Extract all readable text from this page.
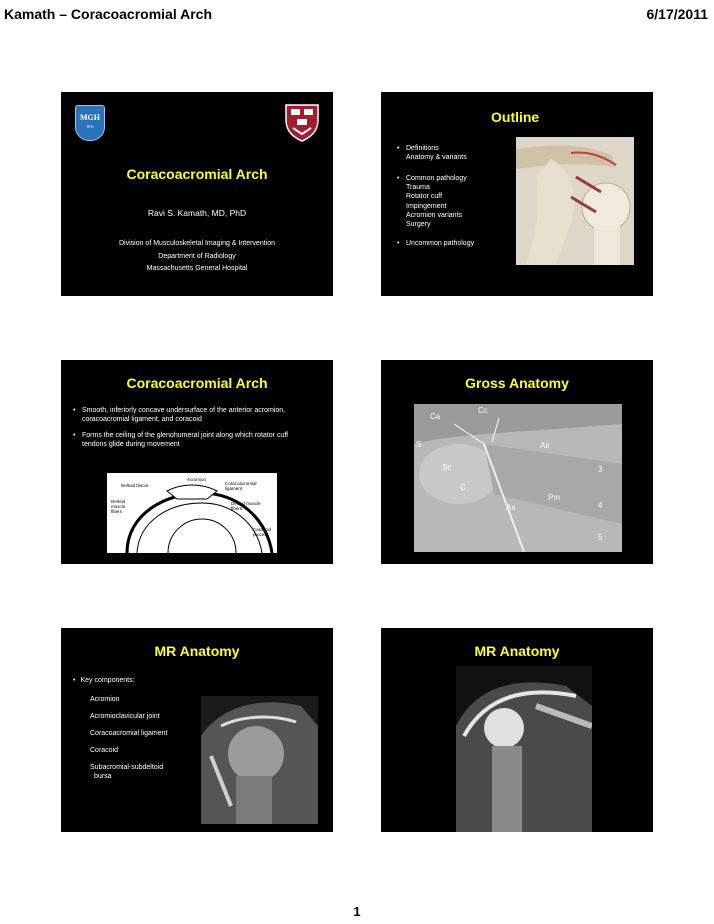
Kamath – Coracoacromial Arch	6/17/2011
MGH
1811
Coracoacromial Arch
Ravi S. Kamath, MD, PhD
Division of Musculoskeletal Imaging & Intervention
Department of Radiology
Massachusetts General Hospital
Outline
• Definitions
Anatomy & variants
• Common pathology
Trauma
Rotator cuff
Impingement
Acromion variants
Surgery
• Uncommon pathology
Coracoacromial Arch
• Smooth, inferiorly concave undersurface of the anterior acromion, coracoacromial ligament, and coracoid
• Forms the ceiling of the glenohumeral joint along which rotator cuff tendons glide during movement
Acromion
Deltoid fascia	Coracoacromial
ligament
Deltoid
muscle
fibers
Deltoid muscle
fibers
Coracoid
process
Gross Anatomy
Ca
Cc
S	Ax
Sc
C
Pm
Ax
3
4
5
MR Anatomy
• Key components:
Acromion
Acromioclavicular joint
Coracoacromial ligament
Coracoid
Subacromial-subdeltoid
bursa
MR Anatomy
1
